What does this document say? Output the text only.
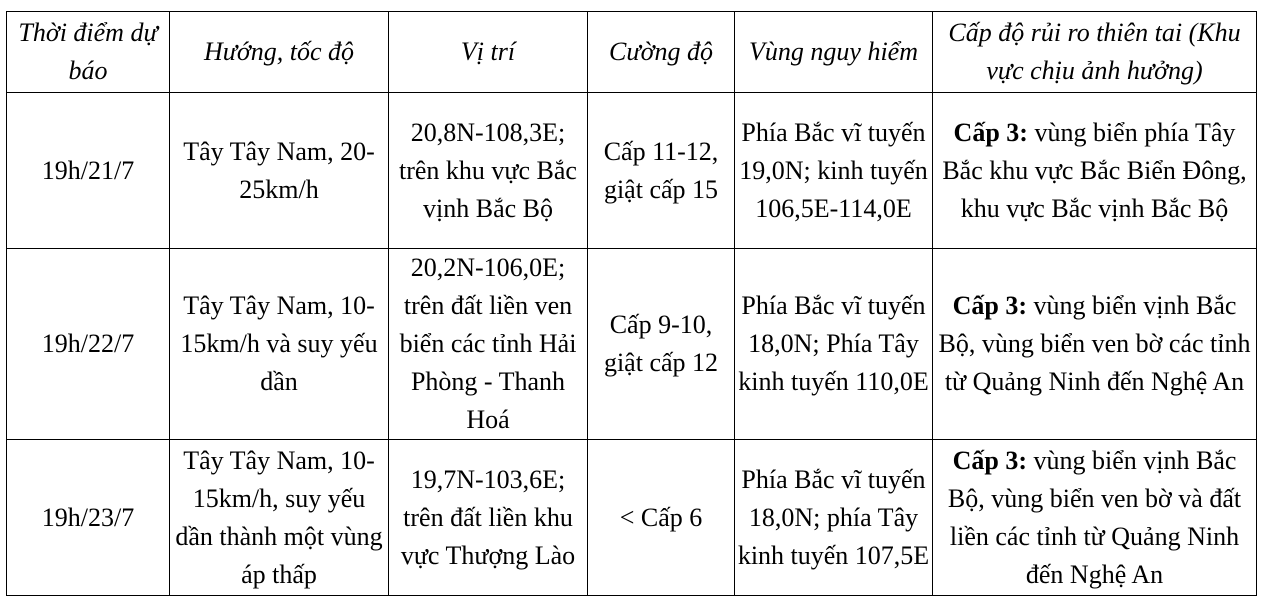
Thời điểm dự báo	Hướng, tốc độ	Vị trí	Cường độ	Vùng nguy hiểm	Cấp độ rủi ro thiên tai (Khu vực chịu ảnh hưởng)
19h/21/7	Tây Tây Nam, 20-25km/h	20,8N-108,3E; trên khu vực Bắc vịnh Bắc Bộ	Cấp 11-12, giật cấp 15	Phía Bắc vĩ tuyến 19,0N; kinh tuyến 106,5E-114,0E	Cấp 3: vùng biển phía Tây Bắc khu vực Bắc Biển Đông, khu vực Bắc vịnh Bắc Bộ
19h/22/7	Tây Tây Nam, 10-15km/h và suy yếu dần	20,2N-106,0E; trên đất liền ven biển các tỉnh Hải Phòng - Thanh Hoá	Cấp 9-10, giật cấp 12	Phía Bắc vĩ tuyến 18,0N; Phía Tây kinh tuyến 110,0E	Cấp 3: vùng biển vịnh Bắc Bộ, vùng biển ven bờ các tỉnh từ Quảng Ninh đến Nghệ An
19h/23/7	Tây Tây Nam, 10-15km/h, suy yếu dần thành một vùng áp thấp	19,7N-103,6E; trên đất liền khu vực Thượng Lào	< Cấp 6	Phía Bắc vĩ tuyến 18,0N; phía Tây kinh tuyến 107,5E	Cấp 3: vùng biển vịnh Bắc Bộ, vùng biển ven bờ và đất liền các tỉnh từ Quảng Ninh đến Nghệ An
